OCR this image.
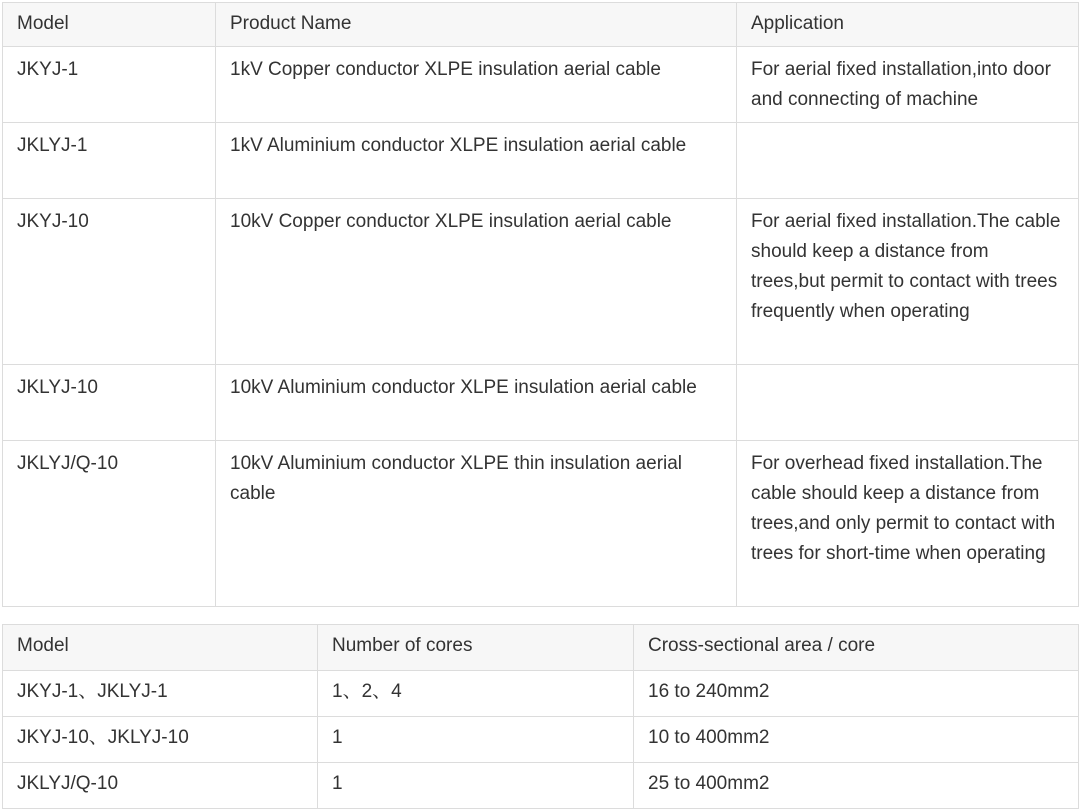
Model	Product Name	Application
JKYJ-1	1kV Copper conductor XLPE insulation aerial cable	For aerial fixed installation,into door and connecting of machine
JKLYJ-1	1kV Aluminium conductor XLPE insulation aerial cable	
JKYJ-10	10kV Copper conductor XLPE insulation aerial cable	For aerial fixed installation.The cable should keep a distance from trees,but permit to contact with trees frequently when operating
JKLYJ-10	10kV Aluminium conductor XLPE insulation aerial cable	
JKLYJ/Q-10	10kV Aluminium conductor XLPE thin insulation aerial cable	For overhead fixed installation.The cable should keep a distance from trees,and only permit to contact with trees for short-time when operating
Model	Number of cores	Cross-sectional area / core
JKYJ-1、JKLYJ-1	1、2、4	16 to 240mm2
JKYJ-10、JKLYJ-10	1	10 to 400mm2
JKLYJ/Q-10	1	25 to 400mm2
